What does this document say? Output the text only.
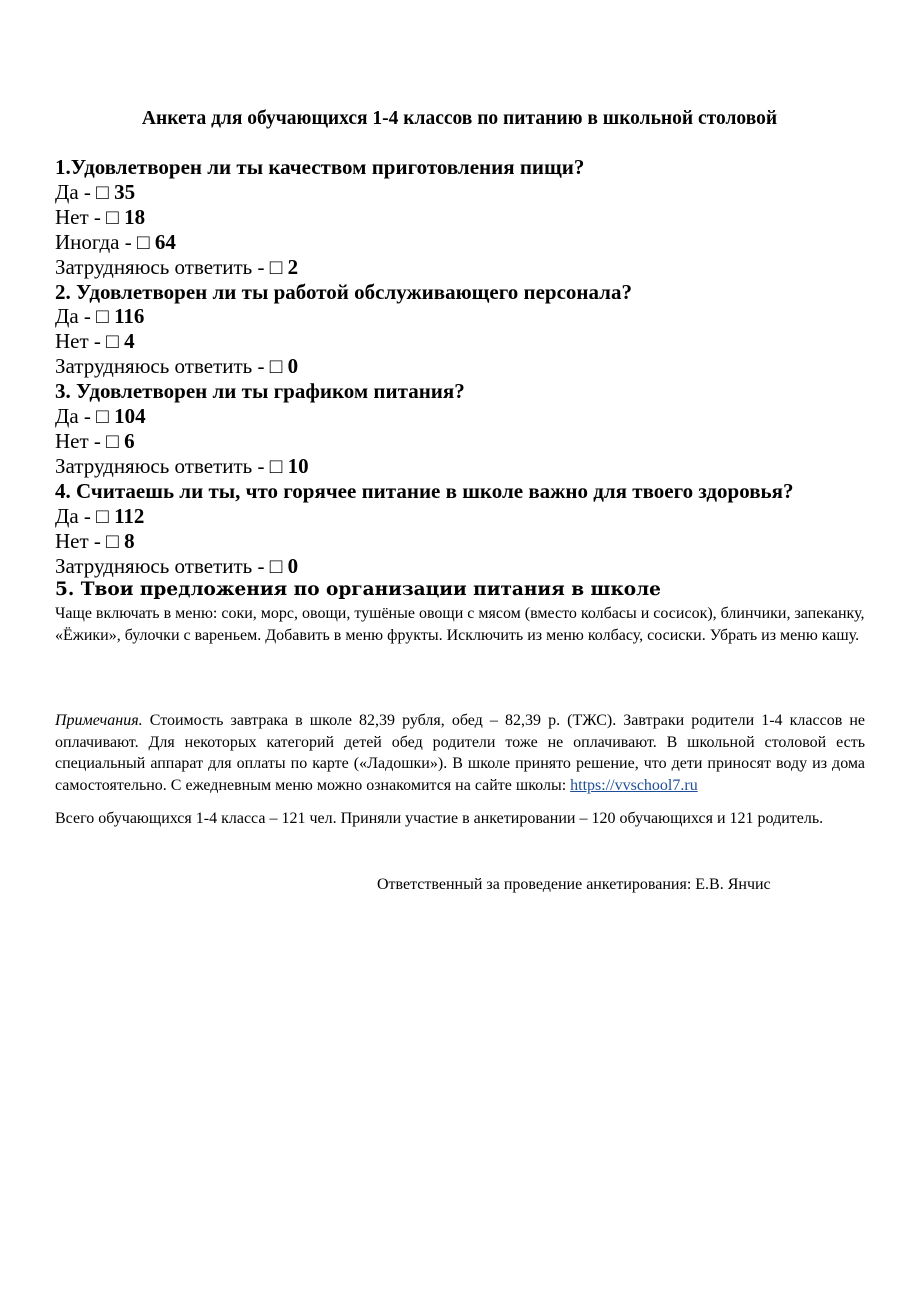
Анкета для обучающихся 1-4 классов по питанию в школьной столовой
1.Удовлетворен ли ты качеством приготовления пищи?
Да - □ 35
Нет - □ 18
Иногда - □ 64
Затрудняюсь ответить - □ 2
2. Удовлетворен ли ты работой обслуживающего персонала?
Да - □ 116
Нет - □ 4
Затрудняюсь ответить - □ 0
3. Удовлетворен ли ты графиком питания?
Да - □ 104
Нет - □ 6
Затрудняюсь ответить - □ 10
4. Считаешь ли ты, что горячее питание в школе важно для твоего здоровья?
Да - □ 112
Нет - □ 8
Затрудняюсь ответить - □ 0
5. Твои предложения по организации питания в школе
Чаще включать в меню: соки, морс, овощи, тушёные овощи с мясом (вместо колбасы и сосисок), блинчики, запеканку, «Ёжики», булочки с вареньем. Добавить в меню фрукты. Исключить из меню колбасу, сосиски. Убрать из меню кашу.
Примечания. Стоимость завтрака в школе 82,39 рубля, обед – 82,39 р. (ТЖС). Завтраки родители 1-4 классов не оплачивают. Для некоторых категорий детей обед родители тоже не оплачивают. В школьной столовой есть специальный аппарат для оплаты по карте («Ладошки»). В школе принято решение, что дети приносят воду из дома самостоятельно. С ежедневным меню можно ознакомится на сайте школы: https://vvschool7.ru
Всего обучающихся 1-4 класса – 121 чел. Приняли участие в анкетировании – 120 обучающихся и 121 родитель.
Ответственный за проведение анкетирования: Е.В. Янчис
